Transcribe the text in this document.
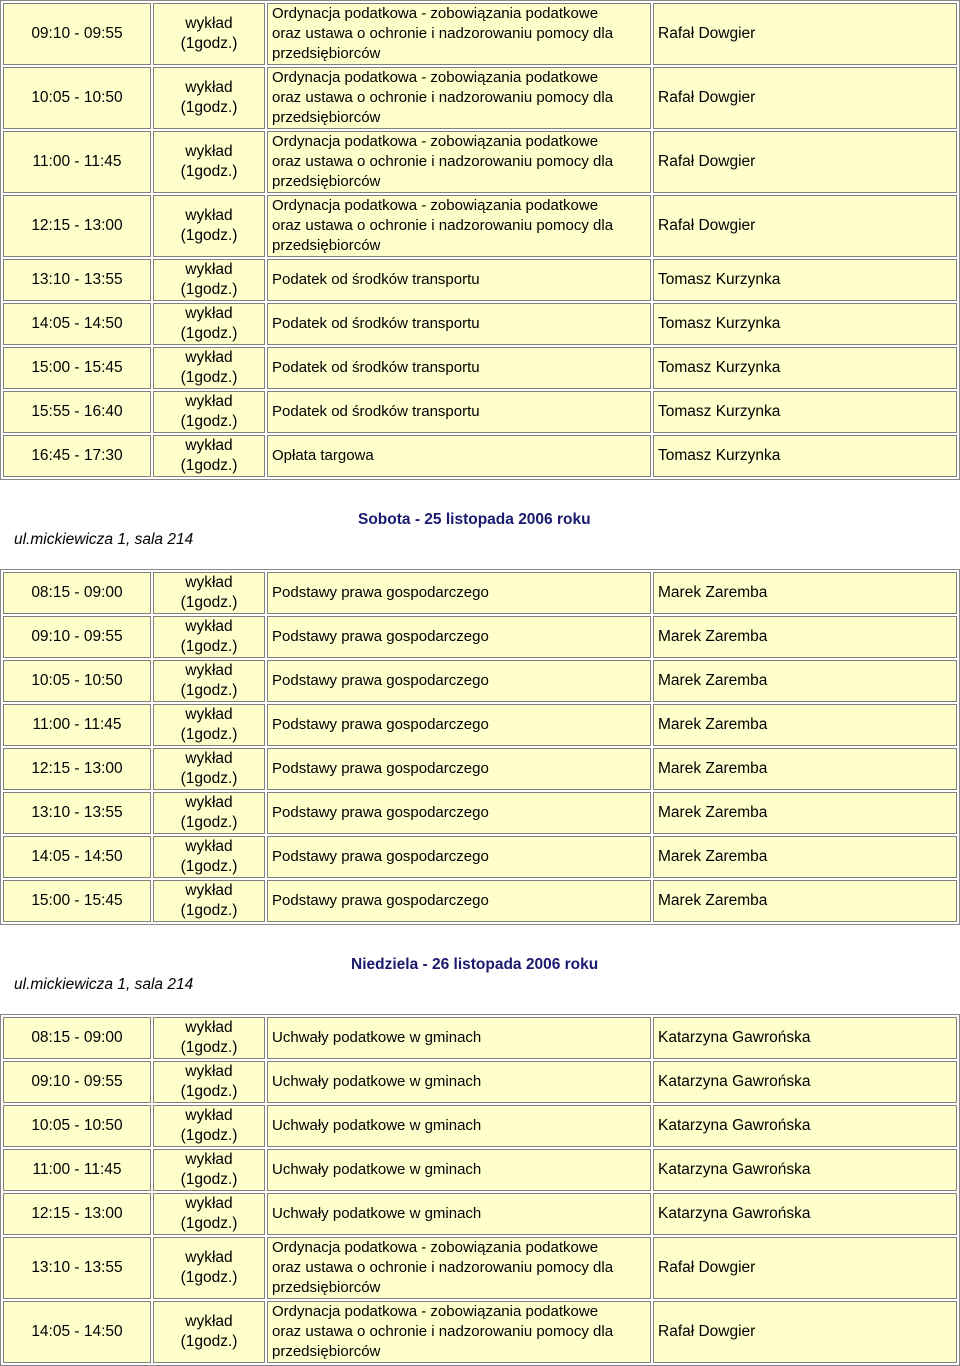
09:10 - 09:55	wykład
(1godz.)	Ordynacja podatkowa - zobowiązania podatkowe
oraz ustawa o ochronie i nadzorowaniu pomocy dla
przedsiębiorców	Rafał Dowgier
10:05 - 10:50	wykład
(1godz.)	Ordynacja podatkowa - zobowiązania podatkowe
oraz ustawa o ochronie i nadzorowaniu pomocy dla
przedsiębiorców	Rafał Dowgier
11:00 - 11:45	wykład
(1godz.)	Ordynacja podatkowa - zobowiązania podatkowe
oraz ustawa o ochronie i nadzorowaniu pomocy dla
przedsiębiorców	Rafał Dowgier
12:15 - 13:00	wykład
(1godz.)	Ordynacja podatkowa - zobowiązania podatkowe
oraz ustawa o ochronie i nadzorowaniu pomocy dla
przedsiębiorców	Rafał Dowgier
13:10 - 13:55	wykład
(1godz.)	Podatek od środków transportu	Tomasz Kurzynka
14:05 - 14:50	wykład
(1godz.)	Podatek od środków transportu	Tomasz Kurzynka
15:00 - 15:45	wykład
(1godz.)	Podatek od środków transportu	Tomasz Kurzynka
15:55 - 16:40	wykład
(1godz.)	Podatek od środków transportu	Tomasz Kurzynka
16:45 - 17:30	wykład
(1godz.)	Opłata targowa	Tomasz Kurzynka
Sobota - 25 listopada 2006 roku
ul.mickiewicza 1, sala 214
08:15 - 09:00	wykład
(1godz.)	Podstawy prawa gospodarczego	Marek Zaremba
09:10 - 09:55	wykład
(1godz.)	Podstawy prawa gospodarczego	Marek Zaremba
10:05 - 10:50	wykład
(1godz.)	Podstawy prawa gospodarczego	Marek Zaremba
11:00 - 11:45	wykład
(1godz.)	Podstawy prawa gospodarczego	Marek Zaremba
12:15 - 13:00	wykład
(1godz.)	Podstawy prawa gospodarczego	Marek Zaremba
13:10 - 13:55	wykład
(1godz.)	Podstawy prawa gospodarczego	Marek Zaremba
14:05 - 14:50	wykład
(1godz.)	Podstawy prawa gospodarczego	Marek Zaremba
15:00 - 15:45	wykład
(1godz.)	Podstawy prawa gospodarczego	Marek Zaremba
Niedziela - 26 listopada 2006 roku
ul.mickiewicza 1, sala 214
08:15 - 09:00	wykład
(1godz.)	Uchwały podatkowe w gminach	Katarzyna Gawrońska
09:10 - 09:55	wykład
(1godz.)	Uchwały podatkowe w gminach	Katarzyna Gawrońska
10:05 - 10:50	wykład
(1godz.)	Uchwały podatkowe w gminach	Katarzyna Gawrońska
11:00 - 11:45	wykład
(1godz.)	Uchwały podatkowe w gminach	Katarzyna Gawrońska
12:15 - 13:00	wykład
(1godz.)	Uchwały podatkowe w gminach	Katarzyna Gawrońska
13:10 - 13:55	wykład
(1godz.)	Ordynacja podatkowa - zobowiązania podatkowe
oraz ustawa o ochronie i nadzorowaniu pomocy dla
przedsiębiorców	Rafał Dowgier
14:05 - 14:50	wykład
(1godz.)	Ordynacja podatkowa - zobowiązania podatkowe
oraz ustawa o ochronie i nadzorowaniu pomocy dla
przedsiębiorców	Rafał Dowgier
